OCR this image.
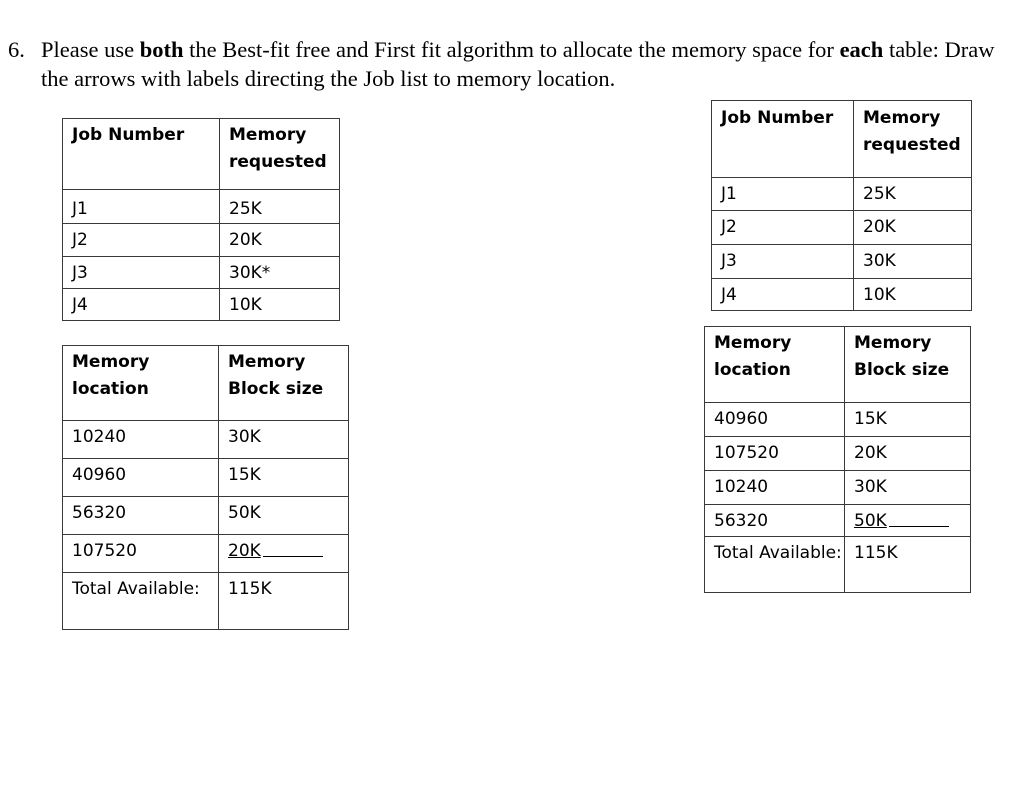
6. Please use both the Best-fit free and First fit algorithm to allocate the memory space for each table: Draw the arrows with labels directing the Job list to memory location.
Job Number	Memory requested
J1	25K
J2	20K
J3	30K*
J4	10K
Memory location	Memory Block size
10240	30K
40960	15K
56320	50K
107520	20K
Total Available:	115K
Job Number	Memory requested
J1	25K
J2	20K
J3	30K
J4	10K
Memory location	Memory Block size
40960	15K
107520	20K
10240	30K
56320	50K
Total Available:	115K
